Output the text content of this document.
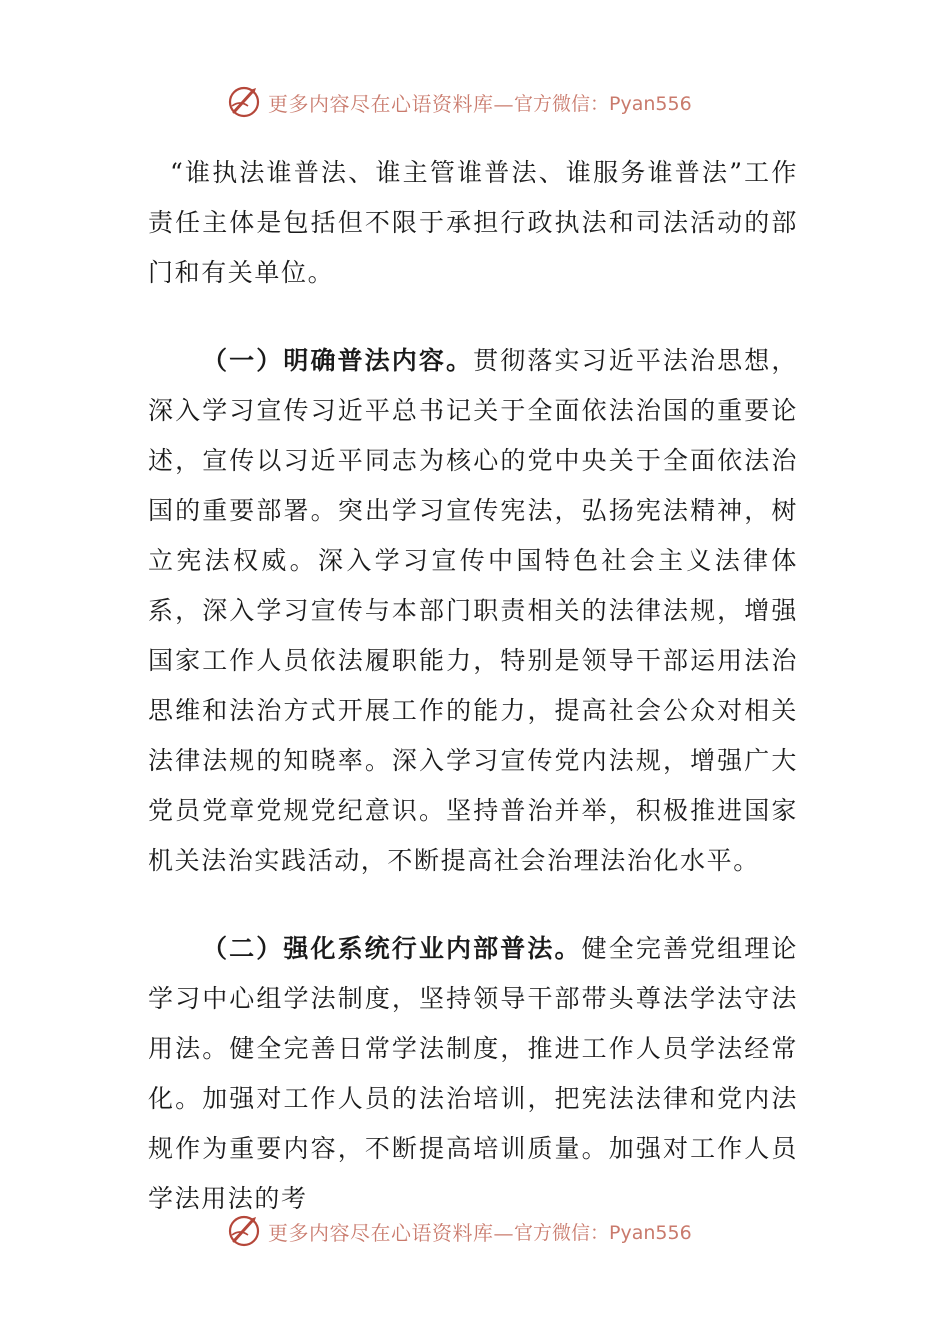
更多内容尽在心语资料库— 官方微信：Pyan556

“谁执法谁普法、谁主管谁普法、谁服务谁普法”工作责任主体是包括但不限于承担行政执法和司法活动的部门和有关单位。

（一）明确普法内容。贯彻落实习近平法治思想，深入学习宣传习近平总书记关于全面依法治国的重要论述，宣传以习近平同志为核心的党中央关于全面依法治国的重要部署。突出学习宣传宪法，弘扬宪法精神，树立宪法权威。深入学习宣传中国特色社会主义法律体系，深入学习宣传与本部门职责相关的法律法规，增强国家工作人员依法履职能力，特别是领导干部运用法治思维和法治方式开展工作的能力，提高社会公众对相关法律法规的知晓率。深入学习宣传党内法规，增强广大党员党章党规党纪意识。坚持普治并举，积极推进国家机关法治实践活动，不断提高社会治理法治化水平。

（二）强化系统行业内部普法。健全完善党组理论学习中心组学法制度，坚持领导干部带头尊法学法守法用法。健全完善日常学法制度，推进工作人员学法经常化。加强对工作人员的法治培训，把宪法法律和党内法规作为重要内容，不断提高培训质量。加强对工作人员学法用法的考

更多内容尽在心语资料库— 官方微信：Pyan556
